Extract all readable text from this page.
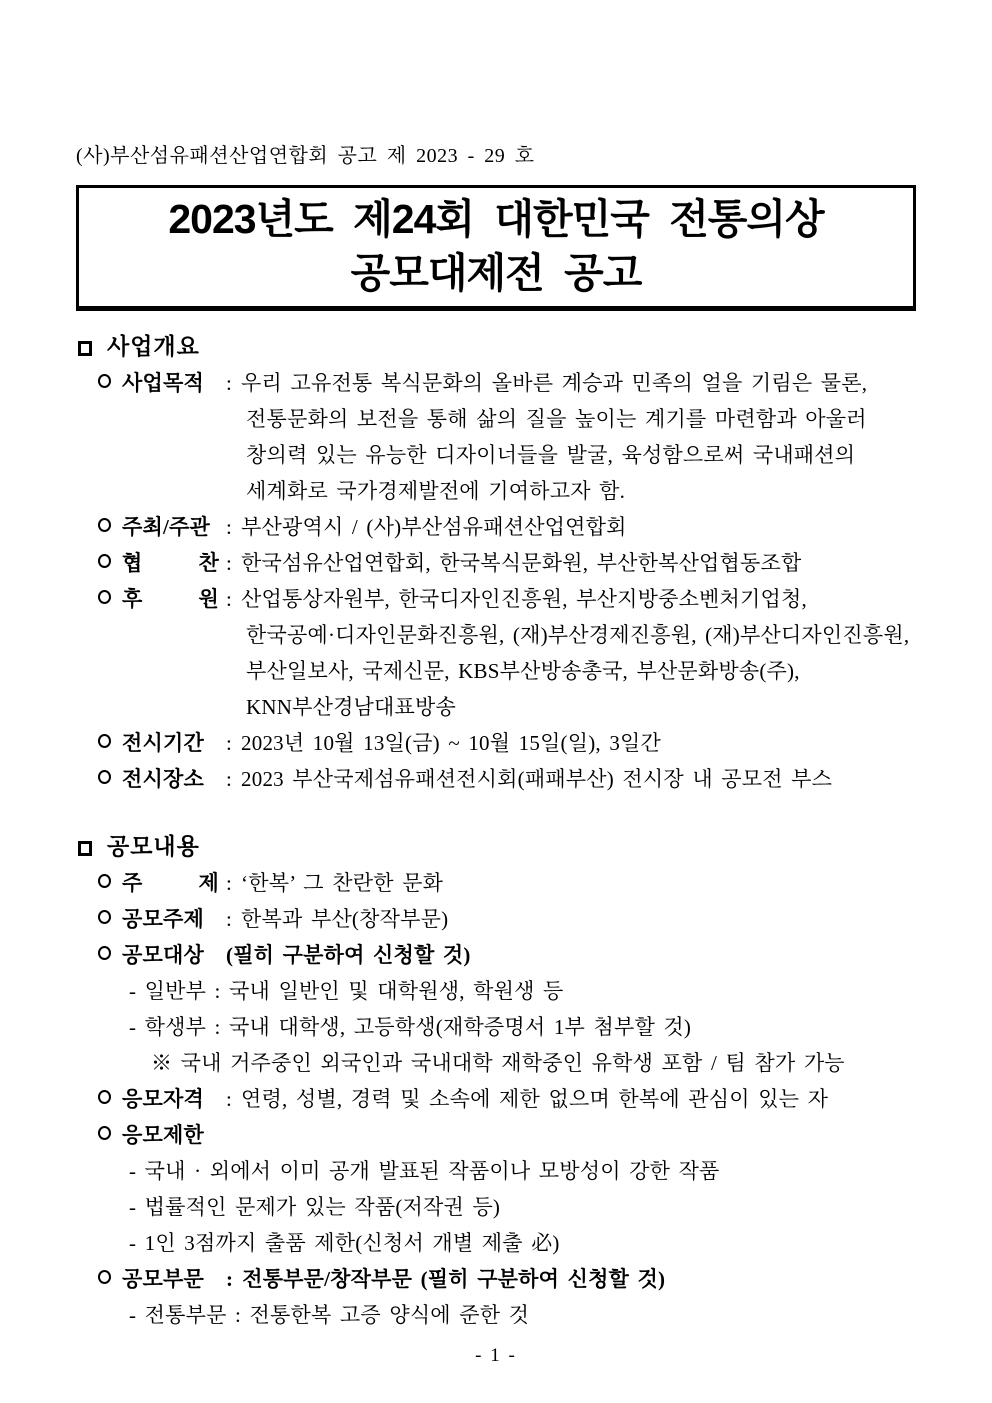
(사)부산섬유패션산업연합회 공고 제 2023 - 29 호
2023년도 제24회 대한민국 전통의상
공모대제전 공고
사업개요
사업목적	: 우리 고유전통 복식문화의 올바른 계승과 민족의 얼을 기림은 물론,
전통문화의 보전을 통해 삶의 질을 높이는 계기를 마련함과 아울러
창의력 있는 유능한 디자이너들을 발굴, 육성함으로써 국내패션의
세계화로 국가경제발전에 기여하고자 함.
주최/주관 : 부산광역시 / (사)부산섬유패션산업연합회
협 찬 : 한국섬유산업연합회, 한국복식문화원, 부산한복산업협동조합
후 원 : 산업통상자원부, 한국디자인진흥원, 부산지방중소벤처기업청,
한국공예·디자인문화진흥원, (재)부산경제진흥원, (재)부산디자인진흥원,
부산일보사, 국제신문, KBS부산방송총국, 부산문화방송(주),
KNN부산경남대표방송
전시기간	: 2023년 10월 13일(금) ~ 10월 15일(일), 3일간
전시장소	: 2023 부산국제섬유패션전시회(패패부산) 전시장 내 공모전 부스
공모내용
주 제 : ‘한복’ 그 찬란한 문화
공모주제	: 한복과 부산(창작부문)
공모대상	(필히 구분하여 신청할 것)
- 일반부 : 국내 일반인 및 대학원생, 학원생 등
- 학생부 : 국내 대학생, 고등학생(재학증명서 1부 첨부할 것)
※ 국내 거주중인 외국인과 국내대학 재학중인 유학생 포함 / 팀 참가 가능
응모자격	: 연령, 성별, 경력 및 소속에 제한 없으며 한복에 관심이 있는 자
응모제한
- 국내 · 외에서 이미 공개 발표된 작품이나 모방성이 강한 작품
- 법률적인 문제가 있는 작품(저작권 등)
- 1인 3점까지 출품 제한(신청서 개별 제출 必)
공모부문	: 전통부문/창작부문 (필히 구분하여 신청할 것)
- 전통부문 : 전통한복 고증 양식에 준한 것
- 1 -
